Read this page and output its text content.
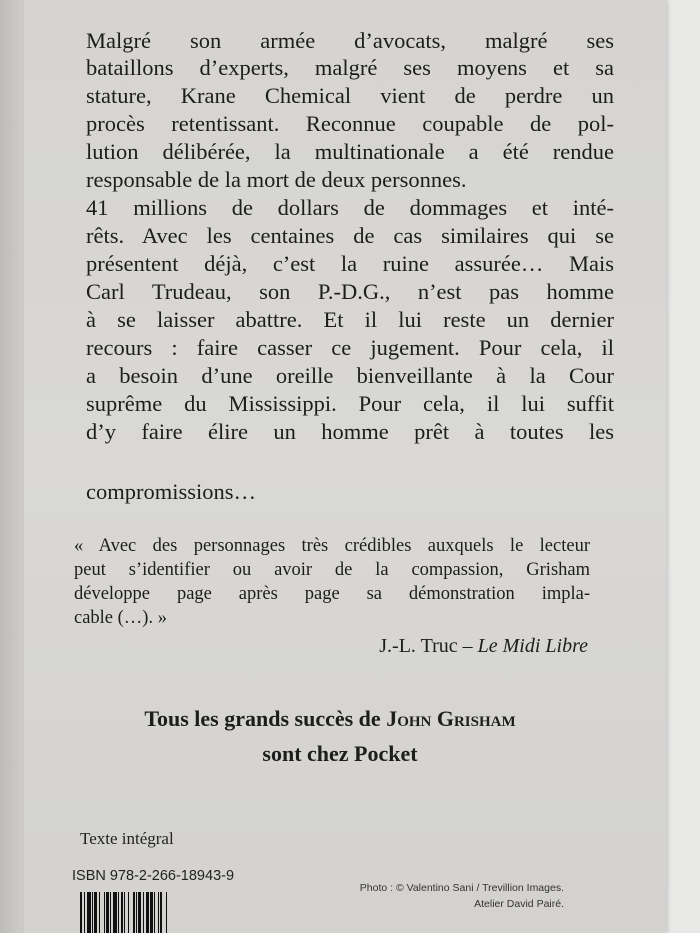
Malgré son armée d’avocats, malgré ses
bataillons d’experts, malgré ses moyens et sa
stature, Krane Chemical vient de perdre un
procès retentissant. Reconnue coupable de pol-
lution délibérée, la multinationale a été rendue
responsable de la mort de deux personnes.
41 millions de dollars de dommages et inté-
rêts. Avec les centaines de cas similaires qui se
présentent déjà, c’est la ruine assurée… Mais
Carl Trudeau, son P.-D.G., n’est pas homme
à se laisser abattre. Et il lui reste un dernier
recours : faire casser ce jugement. Pour cela, il
a besoin d’une oreille bienveillante à la Cour
suprême du Mississippi. Pour cela, il lui suffit
d’y faire élire un homme prêt à toutes les
compromissions…
« Avec des personnages très crédibles auxquels le lecteur
peut s’identifier ou avoir de la compassion, Grisham
développe page après page sa démonstration impla-
cable (…). »
J.-L. Truc – Le Midi Libre
Tous les grands succès de John Grisham
sont chez Pocket
Texte intégral
ISBN 978-2-266-18943-9
Photo : © Valentino Sani / Trevillion Images.
Atelier David Pairé.
